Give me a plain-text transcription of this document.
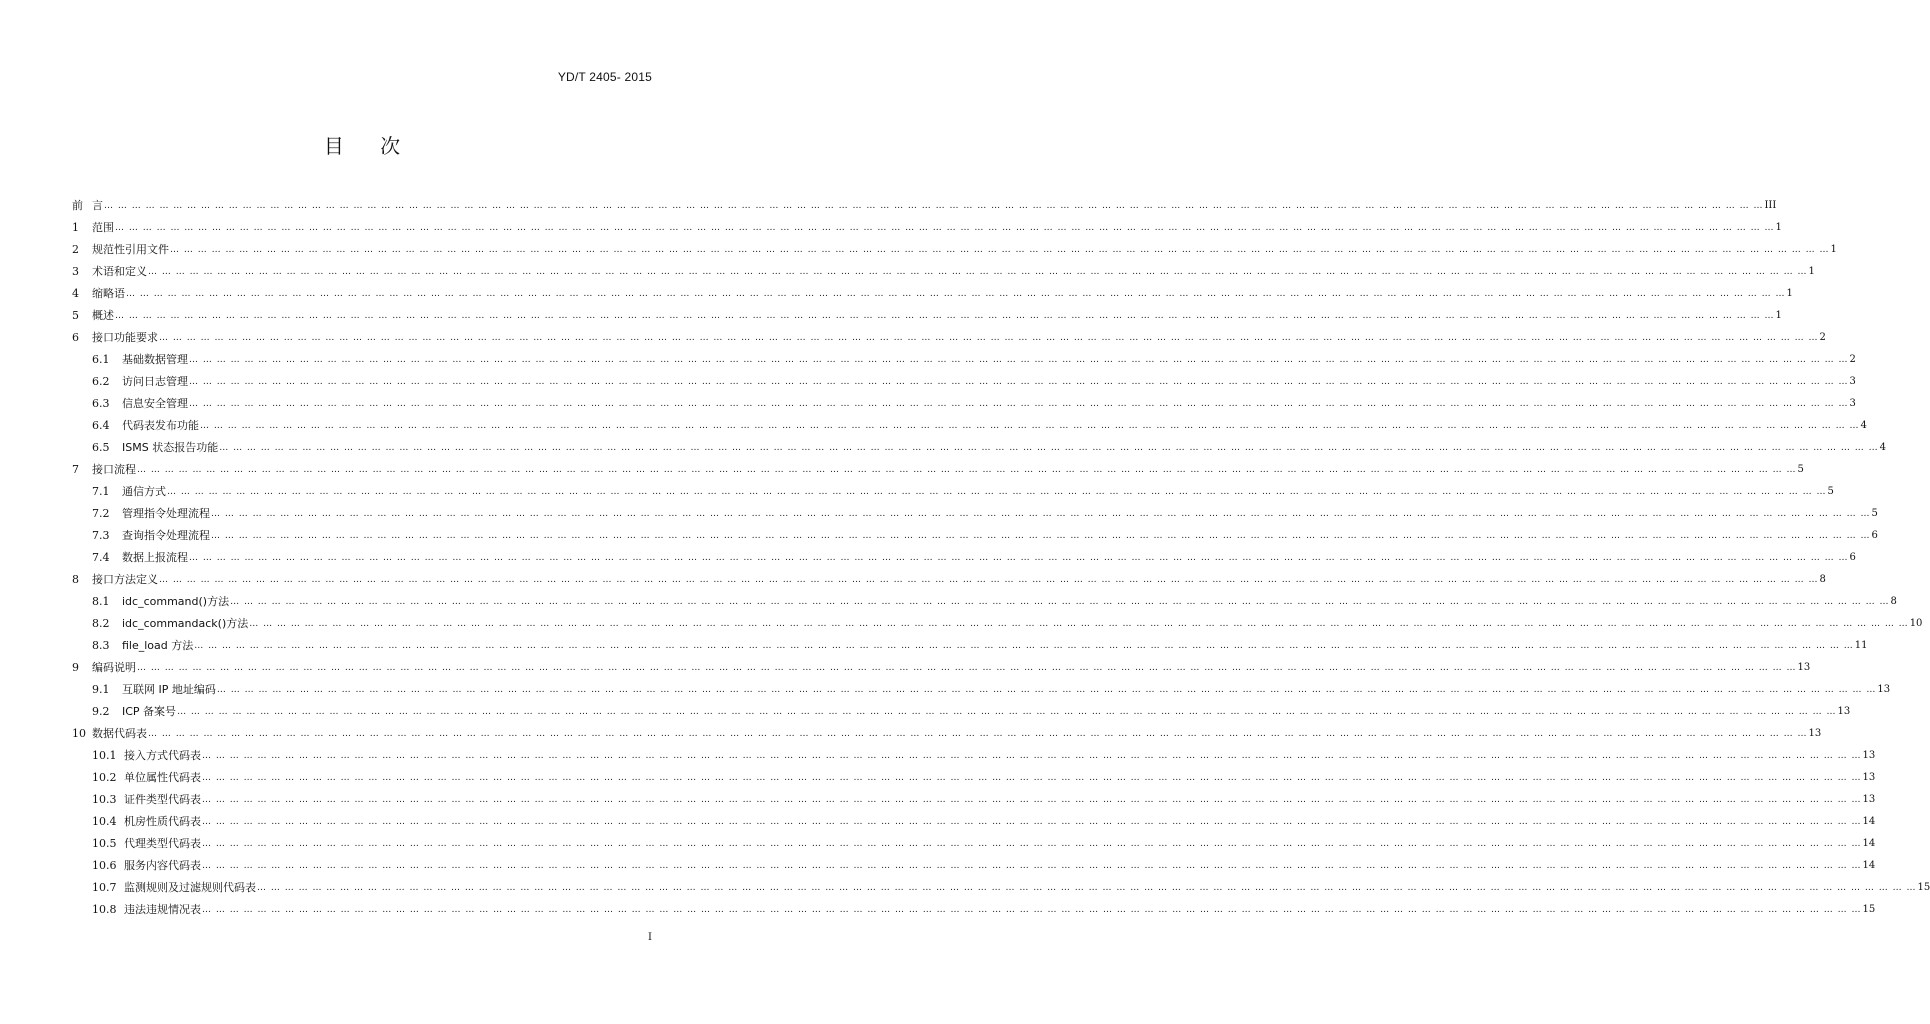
YD/T 2405- 2015
目 次
前 言 … … … … … … … … … … … … … … … … … … … … … … … … … … … … … … … … … … … … … … … … … … … … … … … … … … … … … … … … … … … … … … … … … … … … … … … … … … … … … … … … … … … … … … … … … … … … … … … … … … … … … … … … … … … … … … … … … … … … … … … … III
1	范围 … … … … … … … … … … … … … … … … … … … … … … … … … … … … … … … … … … … … … … … … … … … … … … … … … … … … … … … … … … … … … … … … … … … … … … … … … … … … … … … … … … … … … … … … … … … … … … … … … … … … … … … … … … … … … … … … … … … … … … … … 1
2	规范性引用文件 … … … … … … … … … … … … … … … … … … … … … … … … … … … … … … … … … … … … … … … … … … … … … … … … … … … … … … … … … … … … … … … … … … … … … … … … … … … … … … … … … … … … … … … … … … … … … … … … … … … … … … … … … … … … … … … … … … … … … … … … 1
3	术语和定义 … … … … … … … … … … … … … … … … … … … … … … … … … … … … … … … … … … … … … … … … … … … … … … … … … … … … … … … … … … … … … … … … … … … … … … … … … … … … … … … … … … … … … … … … … … … … … … … … … … … … … … … … … … … … … … … … … … … … … … … … 1
4	缩略语 … … … … … … … … … … … … … … … … … … … … … … … … … … … … … … … … … … … … … … … … … … … … … … … … … … … … … … … … … … … … … … … … … … … … … … … … … … … … … … … … … … … … … … … … … … … … … … … … … … … … … … … … … … … … … … … … … … … … … … … … 1
5	概述 … … … … … … … … … … … … … … … … … … … … … … … … … … … … … … … … … … … … … … … … … … … … … … … … … … … … … … … … … … … … … … … … … … … … … … … … … … … … … … … … … … … … … … … … … … … … … … … … … … … … … … … … … … … … … … … … … … … … … … … … 1
6	接口功能要求 … … … … … … … … … … … … … … … … … … … … … … … … … … … … … … … … … … … … … … … … … … … … … … … … … … … … … … … … … … … … … … … … … … … … … … … … … … … … … … … … … … … … … … … … … … … … … … … … … … … … … … … … … … … … … … … … … … … … … … … … 2
6.1	基础数据管理 … … … … … … … … … … … … … … … … … … … … … … … … … … … … … … … … … … … … … … … … … … … … … … … … … … … … … … … … … … … … … … … … … … … … … … … … … … … … … … … … … … … … … … … … … … … … … … … … … … … … … … … … … … … … … … … … … … … … … … … … 2
6.2	访问日志管理 … … … … … … … … … … … … … … … … … … … … … … … … … … … … … … … … … … … … … … … … … … … … … … … … … … … … … … … … … … … … … … … … … … … … … … … … … … … … … … … … … … … … … … … … … … … … … … … … … … … … … … … … … … … … … … … … … … … … … … … … 3
6.3	信息安全管理 … … … … … … … … … … … … … … … … … … … … … … … … … … … … … … … … … … … … … … … … … … … … … … … … … … … … … … … … … … … … … … … … … … … … … … … … … … … … … … … … … … … … … … … … … … … … … … … … … … … … … … … … … … … … … … … … … … … … … … … … 3
6.4	代码表发布功能 … … … … … … … … … … … … … … … … … … … … … … … … … … … … … … … … … … … … … … … … … … … … … … … … … … … … … … … … … … … … … … … … … … … … … … … … … … … … … … … … … … … … … … … … … … … … … … … … … … … … … … … … … … … … … … … … … … … … … … … … 4
6.5	ISMS 状态报告功能 … … … … … … … … … … … … … … … … … … … … … … … … … … … … … … … … … … … … … … … … … … … … … … … … … … … … … … … … … … … … … … … … … … … … … … … … … … … … … … … … … … … … … … … … … … … … … … … … … … … … … … … … … … … … … … … … … … … … … … … … 4
7	接口流程 … … … … … … … … … … … … … … … … … … … … … … … … … … … … … … … … … … … … … … … … … … … … … … … … … … … … … … … … … … … … … … … … … … … … … … … … … … … … … … … … … … … … … … … … … … … … … … … … … … … … … … … … … … … … … … … … … … … … … … … … 5
7.1	通信方式 … … … … … … … … … … … … … … … … … … … … … … … … … … … … … … … … … … … … … … … … … … … … … … … … … … … … … … … … … … … … … … … … … … … … … … … … … … … … … … … … … … … … … … … … … … … … … … … … … … … … … … … … … … … … … … … … … … … … … … … … 5
7.2	管理指令处理流程 … … … … … … … … … … … … … … … … … … … … … … … … … … … … … … … … … … … … … … … … … … … … … … … … … … … … … … … … … … … … … … … … … … … … … … … … … … … … … … … … … … … … … … … … … … … … … … … … … … … … … … … … … … … … … … … … … … … … … … … … 5
7.3	查询指令处理流程 … … … … … … … … … … … … … … … … … … … … … … … … … … … … … … … … … … … … … … … … … … … … … … … … … … … … … … … … … … … … … … … … … … … … … … … … … … … … … … … … … … … … … … … … … … … … … … … … … … … … … … … … … … … … … … … … … … … … … … … … 6
7.4	数据上报流程 … … … … … … … … … … … … … … … … … … … … … … … … … … … … … … … … … … … … … … … … … … … … … … … … … … … … … … … … … … … … … … … … … … … … … … … … … … … … … … … … … … … … … … … … … … … … … … … … … … … … … … … … … … … … … … … … … … … … … … … … 6
8	接口方法定义 … … … … … … … … … … … … … … … … … … … … … … … … … … … … … … … … … … … … … … … … … … … … … … … … … … … … … … … … … … … … … … … … … … … … … … … … … … … … … … … … … … … … … … … … … … … … … … … … … … … … … … … … … … … … … … … … … … … … … … … … 8
8.1	idc_command()方法 … … … … … … … … … … … … … … … … … … … … … … … … … … … … … … … … … … … … … … … … … … … … … … … … … … … … … … … … … … … … … … … … … … … … … … … … … … … … … … … … … … … … … … … … … … … … … … … … … … … … … … … … … … … … … … … … … … … … … … … … 8
8.2	idc_commandack()方法 … … … … … … … … … … … … … … … … … … … … … … … … … … … … … … … … … … … … … … … … … … … … … … … … … … … … … … … … … … … … … … … … … … … … … … … … … … … … … … … … … … … … … … … … … … … … … … … … … … … … … … … … … … … … … … … … … … … … … … … … 10
8.3	file_load 方法 … … … … … … … … … … … … … … … … … … … … … … … … … … … … … … … … … … … … … … … … … … … … … … … … … … … … … … … … … … … … … … … … … … … … … … … … … … … … … … … … … … … … … … … … … … … … … … … … … … … … … … … … … … … … … … … … … … … … … … … … 11
9	编码说明 … … … … … … … … … … … … … … … … … … … … … … … … … … … … … … … … … … … … … … … … … … … … … … … … … … … … … … … … … … … … … … … … … … … … … … … … … … … … … … … … … … … … … … … … … … … … … … … … … … … … … … … … … … … … … … … … … … … … … … … … 13
9.1	互联网 IP 地址编码 … … … … … … … … … … … … … … … … … … … … … … … … … … … … … … … … … … … … … … … … … … … … … … … … … … … … … … … … … … … … … … … … … … … … … … … … … … … … … … … … … … … … … … … … … … … … … … … … … … … … … … … … … … … … … … … … … … … … … … … … 13
9.2	ICP 备案号 … … … … … … … … … … … … … … … … … … … … … … … … … … … … … … … … … … … … … … … … … … … … … … … … … … … … … … … … … … … … … … … … … … … … … … … … … … … … … … … … … … … … … … … … … … … … … … … … … … … … … … … … … … … … … … … … … … … … … … … … 13
10 数据代码表 … … … … … … … … … … … … … … … … … … … … … … … … … … … … … … … … … … … … … … … … … … … … … … … … … … … … … … … … … … … … … … … … … … … … … … … … … … … … … … … … … … … … … … … … … … … … … … … … … … … … … … … … … … … … … … … … … … … … … … … … 13
10.1 接入方式代码表 … … … … … … … … … … … … … … … … … … … … … … … … … … … … … … … … … … … … … … … … … … … … … … … … … … … … … … … … … … … … … … … … … … … … … … … … … … … … … … … … … … … … … … … … … … … … … … … … … … … … … … … … … … … … … … … … … … … … … … … … 13
10.2 单位属性代码表 … … … … … … … … … … … … … … … … … … … … … … … … … … … … … … … … … … … … … … … … … … … … … … … … … … … … … … … … … … … … … … … … … … … … … … … … … … … … … … … … … … … … … … … … … … … … … … … … … … … … … … … … … … … … … … … … … … … … … … … … 13
10.3 证件类型代码表 … … … … … … … … … … … … … … … … … … … … … … … … … … … … … … … … … … … … … … … … … … … … … … … … … … … … … … … … … … … … … … … … … … … … … … … … … … … … … … … … … … … … … … … … … … … … … … … … … … … … … … … … … … … … … … … … … … … … … … … … 13
10.4 机房性质代码表 … … … … … … … … … … … … … … … … … … … … … … … … … … … … … … … … … … … … … … … … … … … … … … … … … … … … … … … … … … … … … … … … … … … … … … … … … … … … … … … … … … … … … … … … … … … … … … … … … … … … … … … … … … … … … … … … … … … … … … … … 14
10.5 代理类型代码表 … … … … … … … … … … … … … … … … … … … … … … … … … … … … … … … … … … … … … … … … … … … … … … … … … … … … … … … … … … … … … … … … … … … … … … … … … … … … … … … … … … … … … … … … … … … … … … … … … … … … … … … … … … … … … … … … … … … … … … … … 14
10.6 服务内容代码表 … … … … … … … … … … … … … … … … … … … … … … … … … … … … … … … … … … … … … … … … … … … … … … … … … … … … … … … … … … … … … … … … … … … … … … … … … … … … … … … … … … … … … … … … … … … … … … … … … … … … … … … … … … … … … … … … … … … … … … … … 14
10.7 监测规则及过滤规则代码表 … … … … … … … … … … … … … … … … … … … … … … … … … … … … … … … … … … … … … … … … … … … … … … … … … … … … … … … … … … … … … … … … … … … … … … … … … … … … … … … … … … … … … … … … … … … … … … … … … … … … … … … … … … … … … … … … … … … … … … … … 15
10.8 违法违规情况表 … … … … … … … … … … … … … … … … … … … … … … … … … … … … … … … … … … … … … … … … … … … … … … … … … … … … … … … … … … … … … … … … … … … … … … … … … … … … … … … … … … … … … … … … … … … … … … … … … … … … … … … … … … … … … … … … … … … … … … … … 15
I
